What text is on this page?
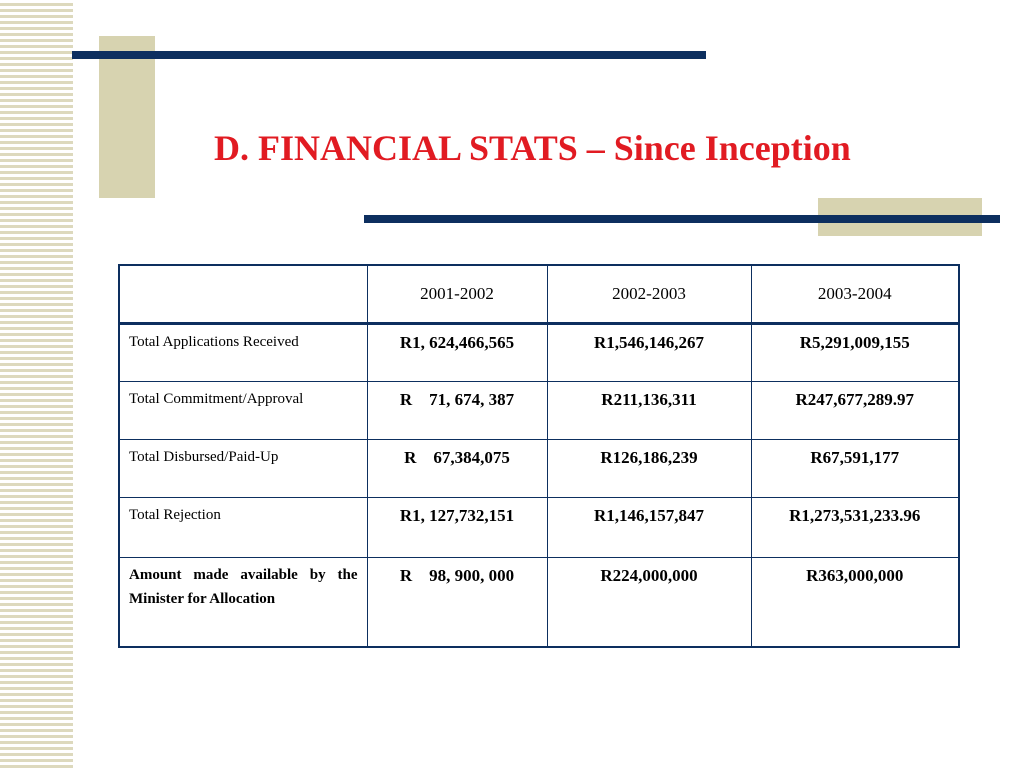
D. FINANCIAL STATS – Since Inception
	2001-2002	2002-2003	2003-2004
Total Applications Received	R1, 624,466,565	R1,546,146,267	R5,291,009,155
Total Commitment/Approval	R    71, 674, 387	R211,136,311	R247,677,289.97
Total Disbursed/Paid-Up	R    67,384,075	R126,186,239	R67,591,177
Total Rejection	R1, 127,732,151	R1,146,157,847	R1,273,531,233.96
Amount made available by the Minister for Allocation	R    98, 900, 000	R224,000,000	R363,000,000
